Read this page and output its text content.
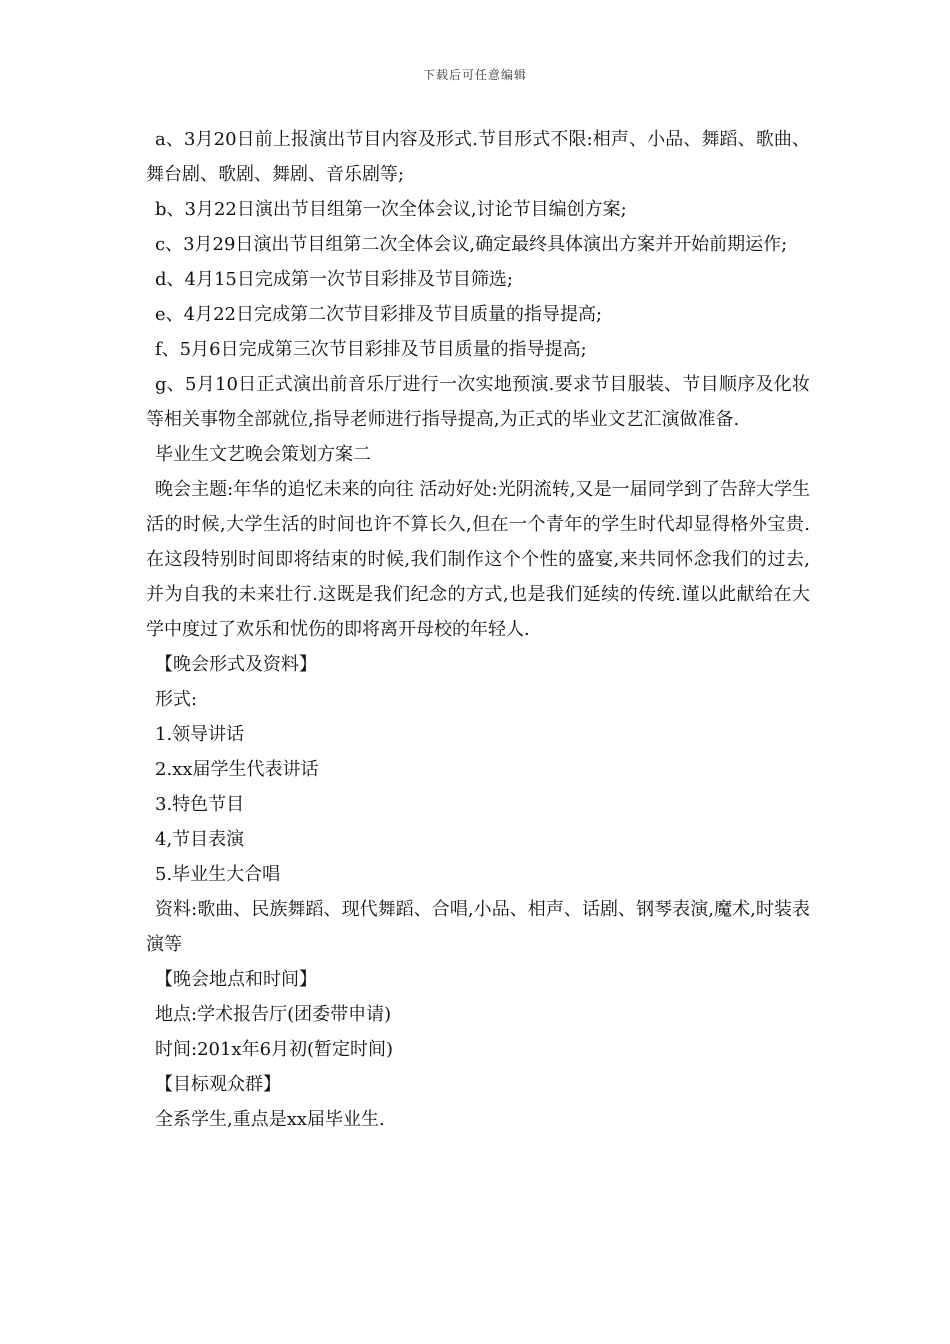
下载后可任意编辑

a、3月20日前上报演出节目内容及形式.节目形式不限:相声、小品、舞蹈、歌曲、舞台剧、歌剧、舞剧、音乐剧等;

b、3月22日演出节目组第一次全体会议,讨论节目编创方案;

c、3月29日演出节目组第二次全体会议,确定最终具体演出方案并开始前期运作;

d、4月15日完成第一次节目彩排及节目筛选;

e、4月22日完成第二次节目彩排及节目质量的指导提高;

f、5月6日完成第三次节目彩排及节目质量的指导提高;

g、5月10日正式演出前音乐厅进行一次实地预演.要求节目服装、节目顺序及化妆等相关事物全部就位,指导老师进行指导提高,为正式的毕业文艺汇演做准备.

毕业生文艺晚会策划方案二

晚会主题:年华的追忆未来的向往 活动好处:光阴流转,又是一届同学到了告辞大学生活的时候,大学生活的时间也许不算长久,但在一个青年的学生时代却显得格外宝贵.在这段特别时间即将结束的时候,我们制作这个个性的盛宴,来共同怀念我们的过去,并为自我的未来壮行.这既是我们纪念的方式,也是我们延续的传统.谨以此献给在大学中度过了欢乐和忧伤的即将离开母校的年轻人.

【晚会形式及资料】

形式:

1.领导讲话

2.xx届学生代表讲话

3.特色节目

4,节目表演

5.毕业生大合唱

资料:歌曲、民族舞蹈、现代舞蹈、合唱,小品、相声、话剧、钢琴表演,魔术,时装表演等

【晚会地点和时间】

地点:学术报告厅(团委带申请)

时间:201x年6月初(暂定时间)

【目标观众群】

全系学生,重点是xx届毕业生.
